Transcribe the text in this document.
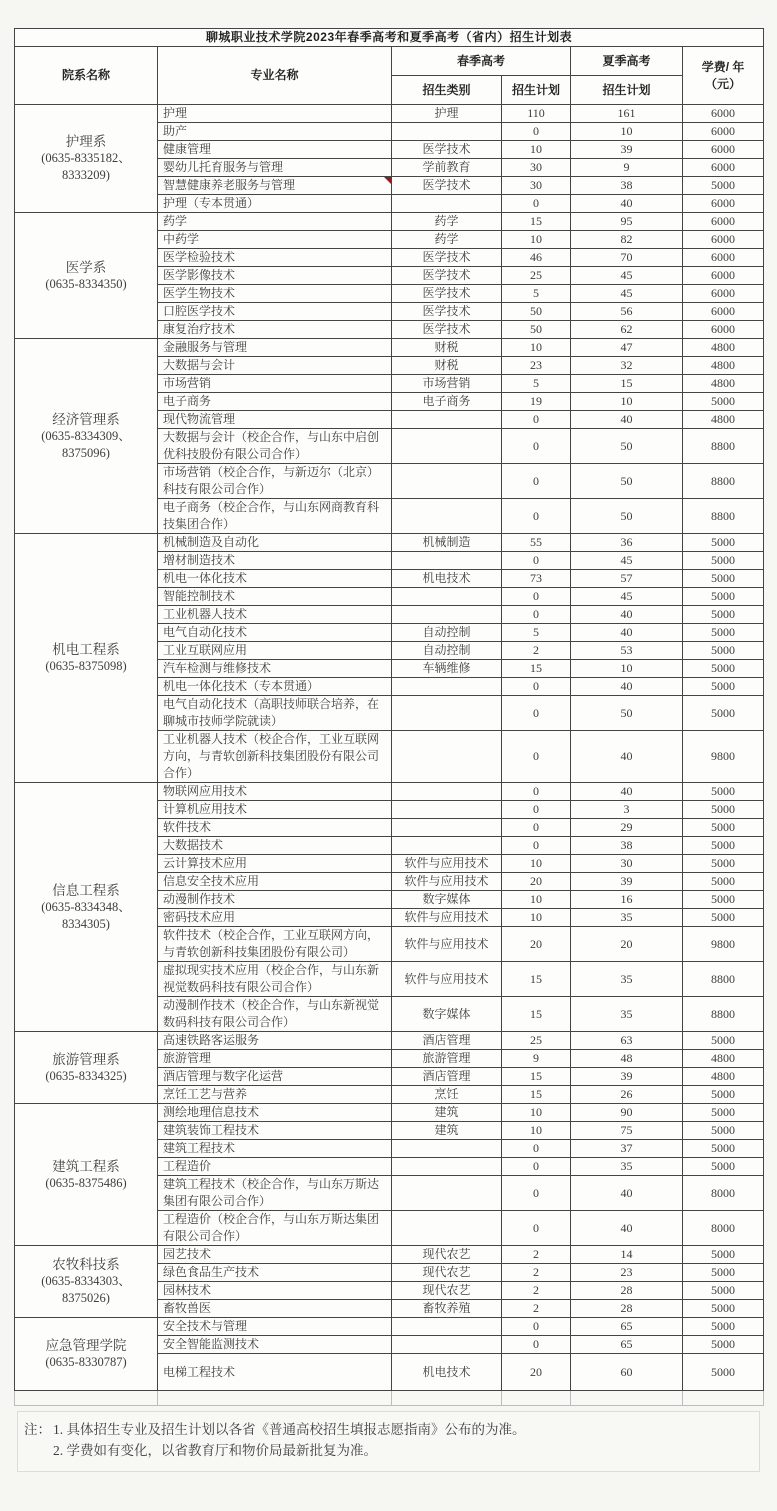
聊城职业技术学院2023年春季高考和夏季高考（省内）招生计划表					
院系名称	专业名称	春季高考		夏季高考	学费/ 年
（元）

		招生类别	招生计划	招生计划	

护理系
(0635-8335182、8333209)	护理	护理	110	161	6000
	助产		0	10	6000
	健康管理	医学技术	10	39	6000
	婴幼儿托育服务与管理	学前教育	30	9	6000
	智慧健康养老服务与管理	医学技术	30	38	5000
	护理（专本贯通）		0	40	6000

医学系
(0635-8334350)	药学	药学	15	95	6000
	中药学	药学	10	82	6000
	医学检验技术	医学技术	46	70	6000
	医学影像技术	医学技术	25	45	6000
	医学生物技术	医学技术	5	45	6000
	口腔医学技术	医学技术	50	56	6000
	康复治疗技术	医学技术	50	62	6000

经济管理系
(0635-8334309、8375096)	金融服务与管理	财税	10	47	4800
	大数据与会计	财税	23	32	4800
	市场营销	市场营销	5	15	4800
	电子商务	电子商务	19	10	5000
	现代物流管理		0	40	4800
	大数据与会计（校企合作，与山东中启创优科技股份有限公司合作）		0	50	8800
	市场营销（校企合作，与新迈尔（北京）科技有限公司合作）		0	50	8800
	电子商务（校企合作，与山东网商教育科技集团合作）		0	50	8800

机电工程系
(0635-8375098)	机械制造及自动化	机械制造	55	36	5000
	增材制造技术		0	45	5000
	机电一体化技术	机电技术	73	57	5000
	智能控制技术		0	45	5000
	工业机器人技术		0	40	5000
	电气自动化技术	自动控制	5	40	5000
	工业互联网应用	自动控制	2	53	5000
	汽车检测与维修技术	车辆维修	15	10	5000
	机电一体化技术（专本贯通）		0	40	5000
	电气自动化技术（高职技师联合培养，在聊城市技师学院就读）		0	50	5000
	工业机器人技术（校企合作，工业互联网方向，与青软创新科技集团股份有限公司合作）		0	40	9800

信息工程系
(0635-8334348、8334305)	物联网应用技术		0	40	5000
	计算机应用技术		0	3	5000
	软件技术		0	29	5000
	大数据技术		0	38	5000
	云计算技术应用	软件与应用技术	10	30	5000
	信息安全技术应用	软件与应用技术	20	39	5000
	动漫制作技术	数字媒体	10	16	5000
	密码技术应用	软件与应用技术	10	35	5000
	软件技术（校企合作，工业互联网方向，与青软创新科技集团股份有限公司）	软件与应用技术	20	20	9800
	虚拟现实技术应用（校企合作，与山东新视觉数码科技有限公司合作）	软件与应用技术	15	35	8800
	动漫制作技术（校企合作，与山东新视觉数码科技有限公司合作）	数字媒体	15	35	8800

旅游管理系
(0635-8334325)	高速铁路客运服务	酒店管理	25	63	5000
	旅游管理	旅游管理	9	48	4800
	酒店管理与数字化运营	酒店管理	15	39	4800
	烹饪工艺与营养	烹饪	15	26	5000

建筑工程系
(0635-8375486)	测绘地理信息技术	建筑	10	90	5000
	建筑装饰工程技术	建筑	10	75	5000
	建筑工程技术		0	37	5000
	工程造价		0	35	5000
	建筑工程技术（校企合作，与山东万斯达集团有限公司合作）		0	40	8000
	工程造价（校企合作，与山东万斯达集团有限公司合作）		0	40	8000

农牧科技系
(0635-8334303、8375026)	园艺技术	现代农艺	2	14	5000
	绿色食品生产技术	现代农艺	2	23	5000
	园林技术	现代农艺	2	28	5000
	畜牧兽医	畜牧养殖	2	28	5000

应急管理学院
(0635-8330787)	安全技术与管理		0	65	5000
	安全智能监测技术		0	65	5000
	电梯工程技术	机电技术	20	60	5000

注： 1. 具体招生专业及招生计划以各省《普通高校招生填报志愿指南》公布的为准。
2. 学费如有变化，以省教育厅和物价局最新批复为准。
